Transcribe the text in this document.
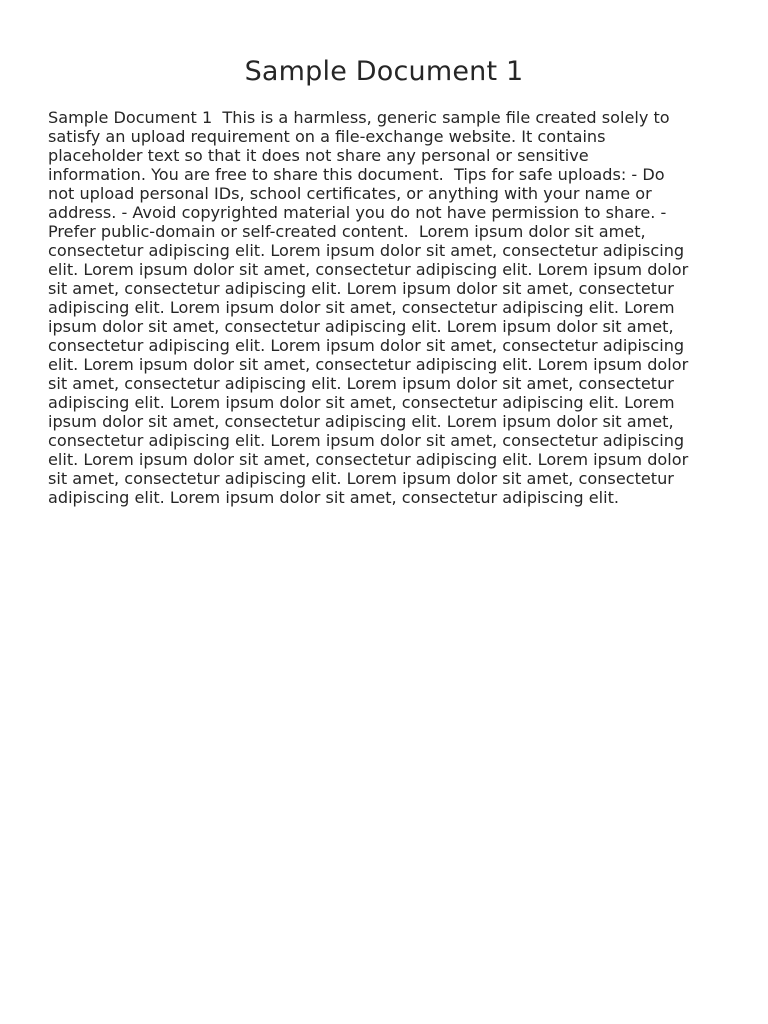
Sample Document 1
Sample Document 1  This is a harmless, generic sample file created solely to
satisfy an upload requirement on a file-exchange website. It contains
placeholder text so that it does not share any personal or sensitive
information. You are free to share this document.  Tips for safe uploads: - Do
not upload personal IDs, school certificates, or anything with your name or
address. - Avoid copyrighted material you do not have permission to share. -
Prefer public-domain or self-created content.  Lorem ipsum dolor sit amet,
consectetur adipiscing elit. Lorem ipsum dolor sit amet, consectetur adipiscing
elit. Lorem ipsum dolor sit amet, consectetur adipiscing elit. Lorem ipsum dolor
sit amet, consectetur adipiscing elit. Lorem ipsum dolor sit amet, consectetur
adipiscing elit. Lorem ipsum dolor sit amet, consectetur adipiscing elit. Lorem
ipsum dolor sit amet, consectetur adipiscing elit. Lorem ipsum dolor sit amet,
consectetur adipiscing elit. Lorem ipsum dolor sit amet, consectetur adipiscing
elit. Lorem ipsum dolor sit amet, consectetur adipiscing elit. Lorem ipsum dolor
sit amet, consectetur adipiscing elit. Lorem ipsum dolor sit amet, consectetur
adipiscing elit. Lorem ipsum dolor sit amet, consectetur adipiscing elit. Lorem
ipsum dolor sit amet, consectetur adipiscing elit. Lorem ipsum dolor sit amet,
consectetur adipiscing elit. Lorem ipsum dolor sit amet, consectetur adipiscing
elit. Lorem ipsum dolor sit amet, consectetur adipiscing elit. Lorem ipsum dolor
sit amet, consectetur adipiscing elit. Lorem ipsum dolor sit amet, consectetur
adipiscing elit. Lorem ipsum dolor sit amet, consectetur adipiscing elit.
